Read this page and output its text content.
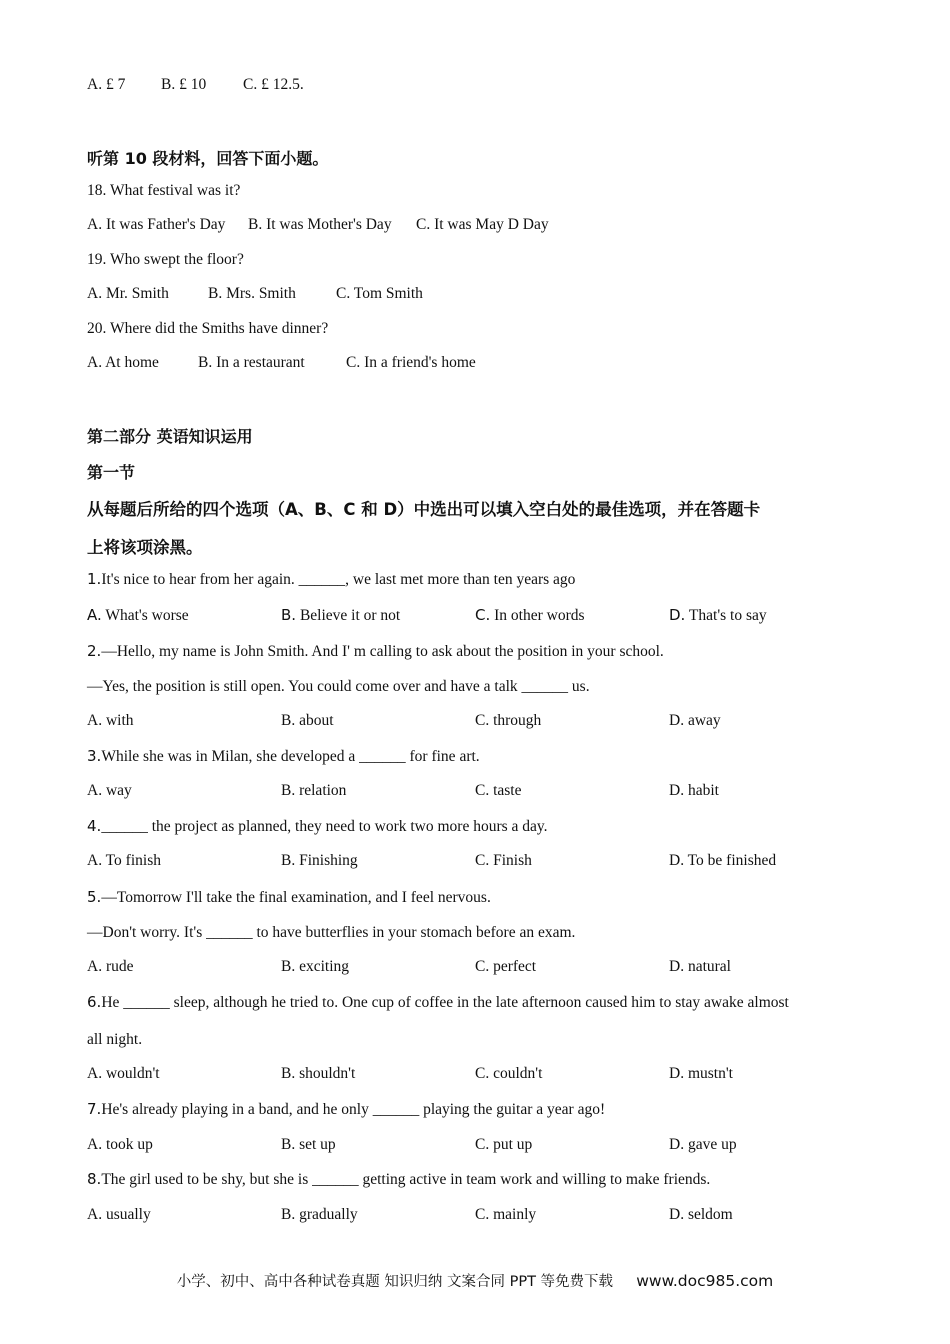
A. £ 7 B. £ 10 C. £ 12.5.
听第 10 段材料，回答下面小题。
18. What festival was it?
A. It was Father's Day B. It was Mother's Day C. It was May D Day
19. Who swept the floor?
A. Mr. Smith	B. Mrs. Smith	C. Tom Smith
20. Where did the Smiths have dinner?
A. At home	B. In a restaurant	C. In a friend's home
第二部分 英语知识运用
第一节
从每题后所给的四个选项（A、B、C 和 D）中选出可以填入空白处的最佳选项，并在答题卡
上将该项涂黑。
1.It's nice to hear from her again. ______, we last met more than ten years ago
A. What's worse	B. Believe it or not	C. In other words	D. That's to say
2.—Hello, my name is John Smith. And I' m calling to ask about the position in your school.
—Yes, the position is still open. You could come over and have a talk ______ us.
A. with	B. about	C. through	D. away
3.While she was in Milan, she developed a ______ for fine art.
A. way	B. relation	C. taste	D. habit
4.______ the project as planned, they need to work two more hours a day.
A. To finish	B. Finishing	C. Finish	D. To be finished
5.—Tomorrow I'll take the final examination, and I feel nervous.
—Don't worry. It's ______ to have butterflies in your stomach before an exam.
A. rude	B. exciting	C. perfect	D. natural
6.He ______ sleep, although he tried to. One cup of coffee in the late afternoon caused him to stay awake almost
all night.
A. wouldn't	B. shouldn't	C. couldn't	D. mustn't
7.He's already playing in a band, and he only ______ playing the guitar a year ago!
A. took up	B. set up	C. put up	D. gave up
8.The girl used to be shy, but she is ______ getting active in team work and willing to make friends.
A. usually	B. gradually	C. mainly	D. seldom
小学、初中、高中各种试卷真题 知识归纳 文案合同 PPT 等免费下载 www.doc985.com
